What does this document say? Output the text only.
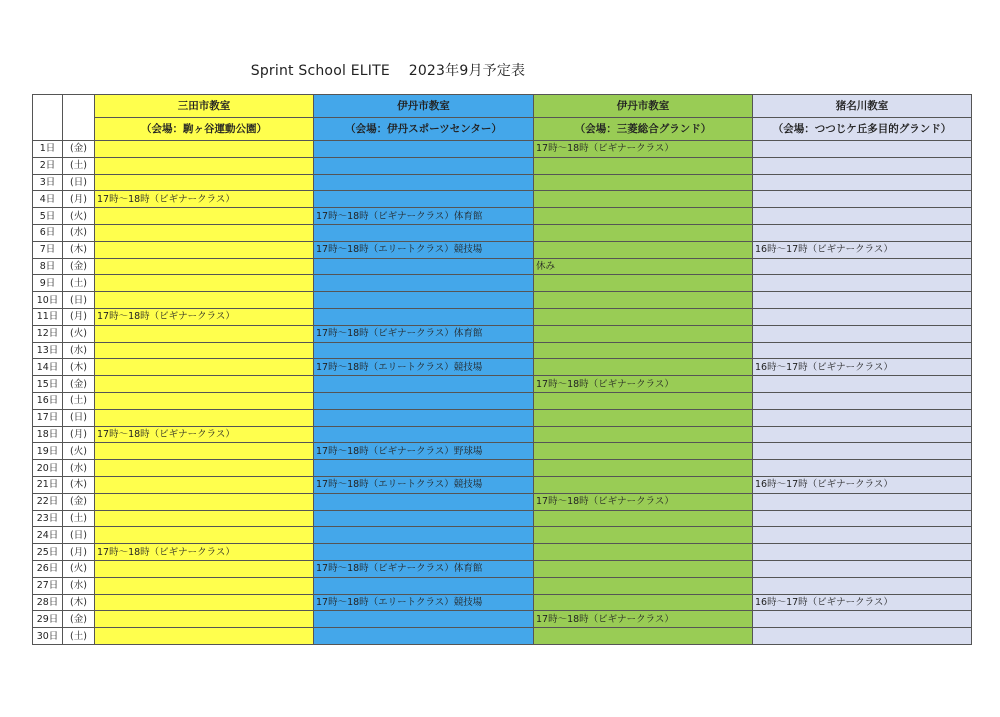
Sprint School ELITE　 2023年9月予定表
		三田市教室	伊丹市教室	伊丹市教室	猪名川教室
		（会場：駒ヶ谷運動公園）	（会場：伊丹スポーツセンター）	（会場：三菱総合グランド）	（会場：つつじケ丘多目的グランド）
1日	(金)			17時～18時（ビギナークラス）	
2日	(土)				
3日	(日)				
4日	(月)	17時～18時（ビギナークラス）			
5日	(火)		17時～18時（ビギナークラス）体育館		
6日	(水)				
7日	(木)		17時～18時（エリートクラス）競技場		16時～17時（ビギナークラス）
8日	(金)			休み	
9日	(土)				
10日	(日)				
11日	(月)	17時～18時（ビギナークラス）			
12日	(火)		17時～18時（ビギナークラス）体育館		
13日	(水)				
14日	(木)		17時～18時（エリートクラス）競技場		16時～17時（ビギナークラス）
15日	(金)			17時～18時（ビギナークラス）	
16日	(土)				
17日	(日)				
18日	(月)	17時～18時（ビギナークラス）			
19日	(火)		17時～18時（ビギナークラス）野球場		
20日	(水)				
21日	(木)		17時～18時（エリートクラス）競技場		16時～17時（ビギナークラス）
22日	(金)			17時～18時（ビギナークラス）	
23日	(土)				
24日	(日)				
25日	(月)	17時～18時（ビギナークラス）			
26日	(火)		17時～18時（ビギナークラス）体育館		
27日	(水)				
28日	(木)		17時～18時（エリートクラス）競技場		16時～17時（ビギナークラス）
29日	(金)			17時～18時（ビギナークラス）	
30日	(土)				
